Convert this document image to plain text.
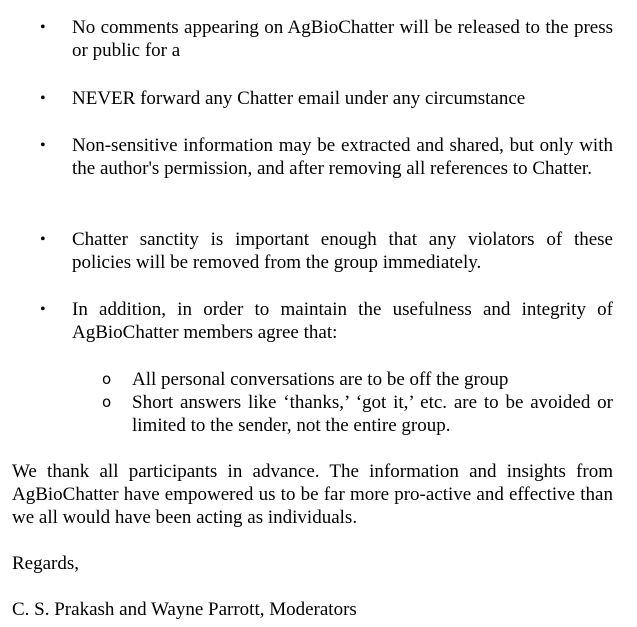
•	No comments appearing on AgBioChatter will be released to the press or public for a
•	NEVER forward any Chatter email under any circumstance
•	Non-sensitive information may be extracted and shared, but only with the author's permission, and after removing all references to Chatter.
•	Chatter sanctity is important enough that any violators of these policies will be removed from the group immediately.
•	In addition, in order to maintain the usefulness and integrity of AgBioChatter members agree that:
o	All personal conversations are to be off the group
o	Short answers like ‘thanks,’ ‘got it,’ etc. are to be avoided or limited to the sender, not the entire group.
We thank all participants in advance. The information and insights from AgBioChatter have empowered us to be far more pro-active and effective than we all would have been acting as individuals.
Regards,
C. S. Prakash and Wayne Parrott, Moderators
